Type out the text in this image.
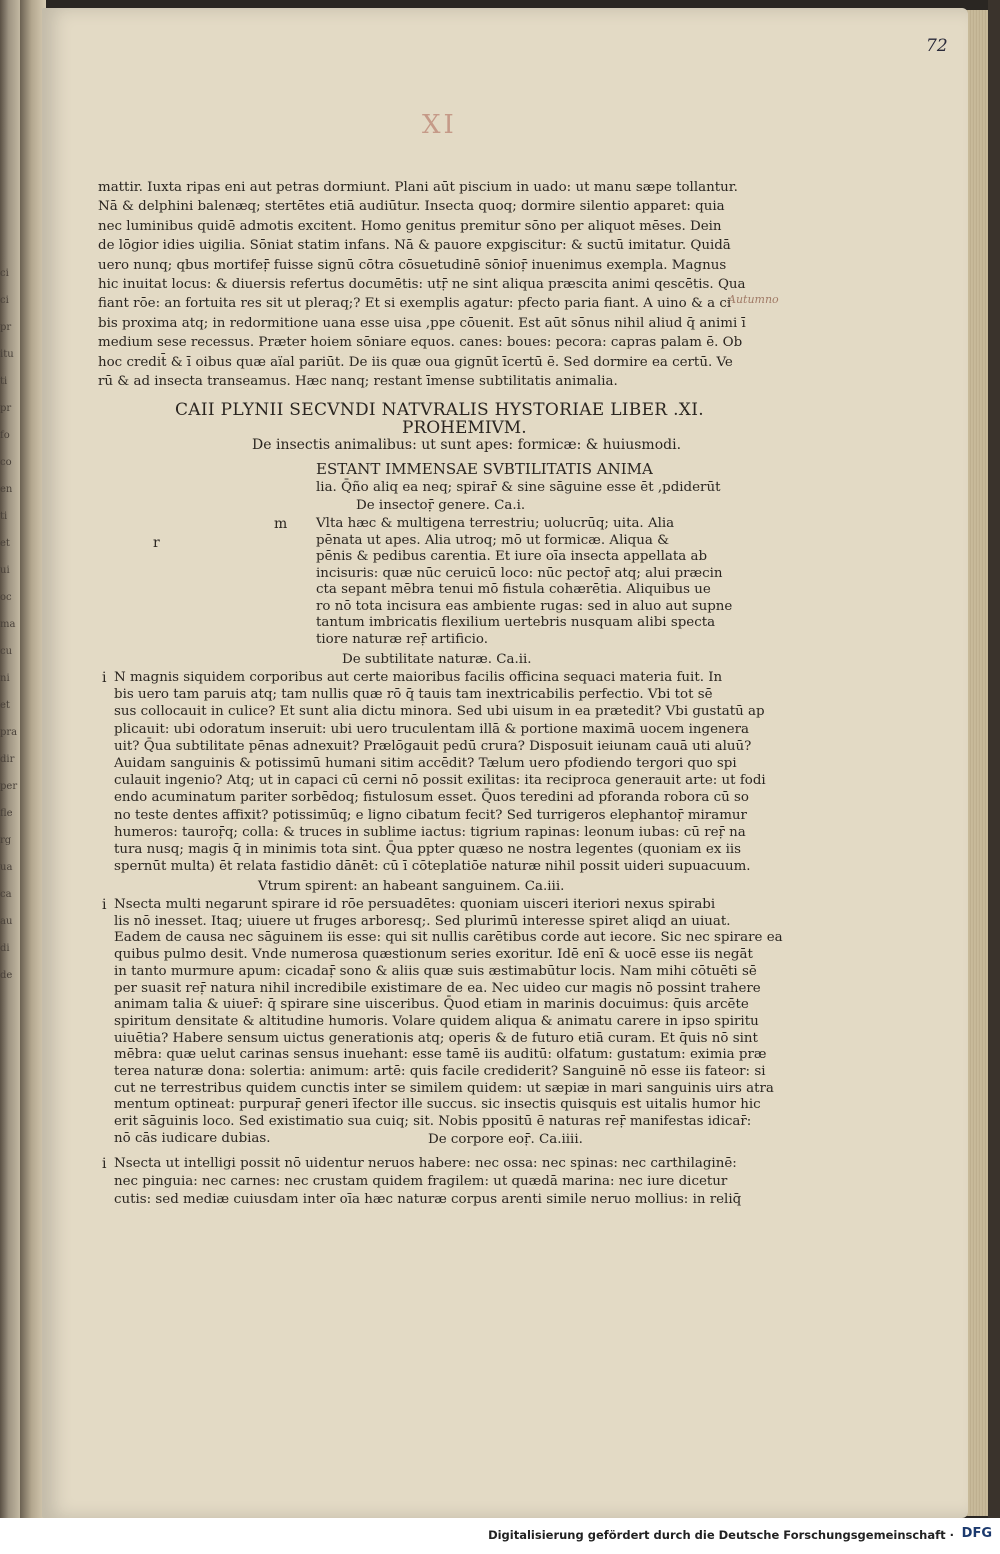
ci
ci
pr
itu
ti
pr
fo
co
en
ti
et
ui
oc
ma
cu
ni
et
pra
dir
per
fle
rg
ua
ca
au
di
de
72
XI
Autumno
mattir. Iuxta ripas eni aut petras dormiunt. Plani aūt piscium in uado: ut manu sæpe tollantur.
Nā & delphini balenæq; stertētes etiā audiūtur. Insecta quoq; dormire silentio apparet: quia
nec luminibus quidē admotis excitent. Homo genitus premitur sōno per aliquot mēses. Dein
de lōgior idies uigilia. Sōniat statim infans. Nā & pauore expgiscitur: & suctū imitatur. Quidā
uero nunq; qbus mortifeṝ fuisse signū cōtra cōsuetudinē sōnioṝ inuenimus exempla. Magnus
hic inuitat locus: & diuersis refertus documētis: utṝ ne sint aliqua præscita animi qescētis. Qua
fiant rōe: an fortuita res sit ut pleraq;? Et si exemplis agatur: pfecto paria fiant. A uino & a ci
bis proxima atq; in redormitione uana esse uisa ,ppe cōuenit. Est aūt sōnus nihil aliud q̄ animi ī
medium sese recessus. Præter hoiem sōniare equos. canes: boues: pecora: capras palam ē. Ob
hoc credit̄ & ī oibus quæ aïal pariūt. De iis quæ oua gignūt īcertū ē. Sed dormire ea certū. Ve
rū & ad insecta transeamus. Hæc nanq; restant īmense subtilitatis animalia.
CAII PLYNII SECVNDI NATVRALIS HYSTORIAE LIBER .XI.
PROHEMIVM.
De insectis animalibus: ut sunt apes: formicæ: & huiusmodi.
ESTANT IMMENSAE SVBTILITATIS ANIMA
lia. Q̄ño aliq ea neq; spirar̄ & sine sāguine esse ēt ,pdiderūt
De insectoṝ genere. Ca.i.
m
r
Vlta hæc & multigena terrestriu; uolucrūq; uita. Alia
pēnata ut apes. Alia utroq; mō ut formicæ. Aliqua &
pēnis & pedibus carentia. Et iure oīa insecta appellata ab
incisuris: quæ nūc ceruicū loco: nūc pectoṝ atq; alui præcin
cta sepant mēbra tenui mō fistula cohærētia. Aliquibus ue
ro nō tota incisura eas ambiente rugas: sed in aluo aut supne
tantum imbricatis flexilium uertebris nusquam alibi specta
tiore naturæ reṝ artificio.
De subtilitate naturæ. Ca.ii.
i N magnis siquidem corporibus aut certe maioribus facilis officina sequaci materia fuit. In
bis uero tam paruis atq; tam nullis quæ rō q̄ tauis tam inextricabilis perfectio. Vbi tot sē
sus collocauit in culice? Et sunt alia dictu minora. Sed ubi uisum in ea prætedit? Vbi gustatū ap
plicauit: ubi odoratum inseruit: ubi uero truculentam illā & portione maximā uocem ingenera
uit? Q̄ua subtilitate pēnas adnexuit? Prælōgauit pedū crura? Disposuit ieiunam cauā uti aluū?
Auidam sanguinis & potissimū humani sitim accēdit? Tælum uero pfodiendo tergori quo spi
culauit ingenio? Atq; ut in capaci cū cerni nō possit exilitas: ita reciproca generauit arte: ut fodi
endo acuminatum pariter sorbēdoq; fistulosum esset. Q̄uos teredini ad pforanda robora cū so
no teste dentes affixit? potissimūq; e ligno cibatum fecit? Sed turrigeros elephantoṝ miramur
humeros: tauroṝq; colla: & truces in sublime iactus: tigrium rapinas: leonum iubas: cū reṝ na
tura nusq; magis q̄ in minimis tota sint. Q̄ua ppter quæso ne nostra legentes (quoniam ex iis
spernūt multa) ēt relata fastidio dānēt: cū ī cōteplatiōe naturæ nihil possit uideri supuacuum.
Vtrum spirent: an habeant sanguinem. Ca.iii.
i Nsecta multi negarunt spirare id rōe persuadētes: quoniam uisceri iteriori nexus spirabi
lis nō inesset. Itaq; uiuere ut fruges arboresq;. Sed plurimū interesse spiret aliqd an uiuat.
Eadem de causa nec sāguinem iis esse: qui sit nullis carētibus corde aut iecore. Sic nec spirare ea
quibus pulmo desit. Vnde numerosa quæstionum series exoritur. Idē enī & uocē esse iis negāt
in tanto murmure apum: cicadaṝ sono & aliis quæ suis æstimabūtur locis. Nam mihi cōtuēti sē
per suasit reṝ natura nihil incredibile existimare de ea. Nec uideo cur magis nō possint trahere
animam talia & uiuer̄: q̄ spirare sine uisceribus. Q̄uod etiam in marinis docuimus: q̄uis arcēte
spiritum densitate & altitudine humoris. Volare quidem aliqua & animatu carere in ipso spiritu
uiuētia? Habere sensum uictus generationis atq; operis & de futuro etiā curam. Et q̄uis nō sint
mēbra: quæ uelut carinas sensus inuehant: esse tamē iis auditū: olfatum: gustatum: eximia præ
terea naturæ dona: solertia: animum: artē: quis facile crediderit? Sanguinē nō esse iis fateor: si
cut ne terrestribus quidem cunctis inter se similem quidem: ut sæpiæ in mari sanguinis uirs atra
mentum optineat: purpuraṝ generi īfector ille succus. sic insectis quisquis est uitalis humor hic
erit sāguinis loco. Sed existimatio sua cuiq; sit. Nobis ppositū ē naturas reṝ manifestas idicar̄:
nō cās iudicare dubias.	De corpore eoṝ. Ca.iiii.
i Nsecta ut intelligi possit nō uidentur neruos habere: nec ossa: nec spinas: nec carthilaginē:
nec pinguia: nec carnes: nec crustam quidem fragilem: ut quædā marina: nec iure dicetur
cutis: sed mediæ cuiusdam inter oīa hæc naturæ corpus arenti simile neruo mollius: in reliq̄
Digitalisierung gefördert durch die Deutsche Forschungsgemeinschaft · DFG
